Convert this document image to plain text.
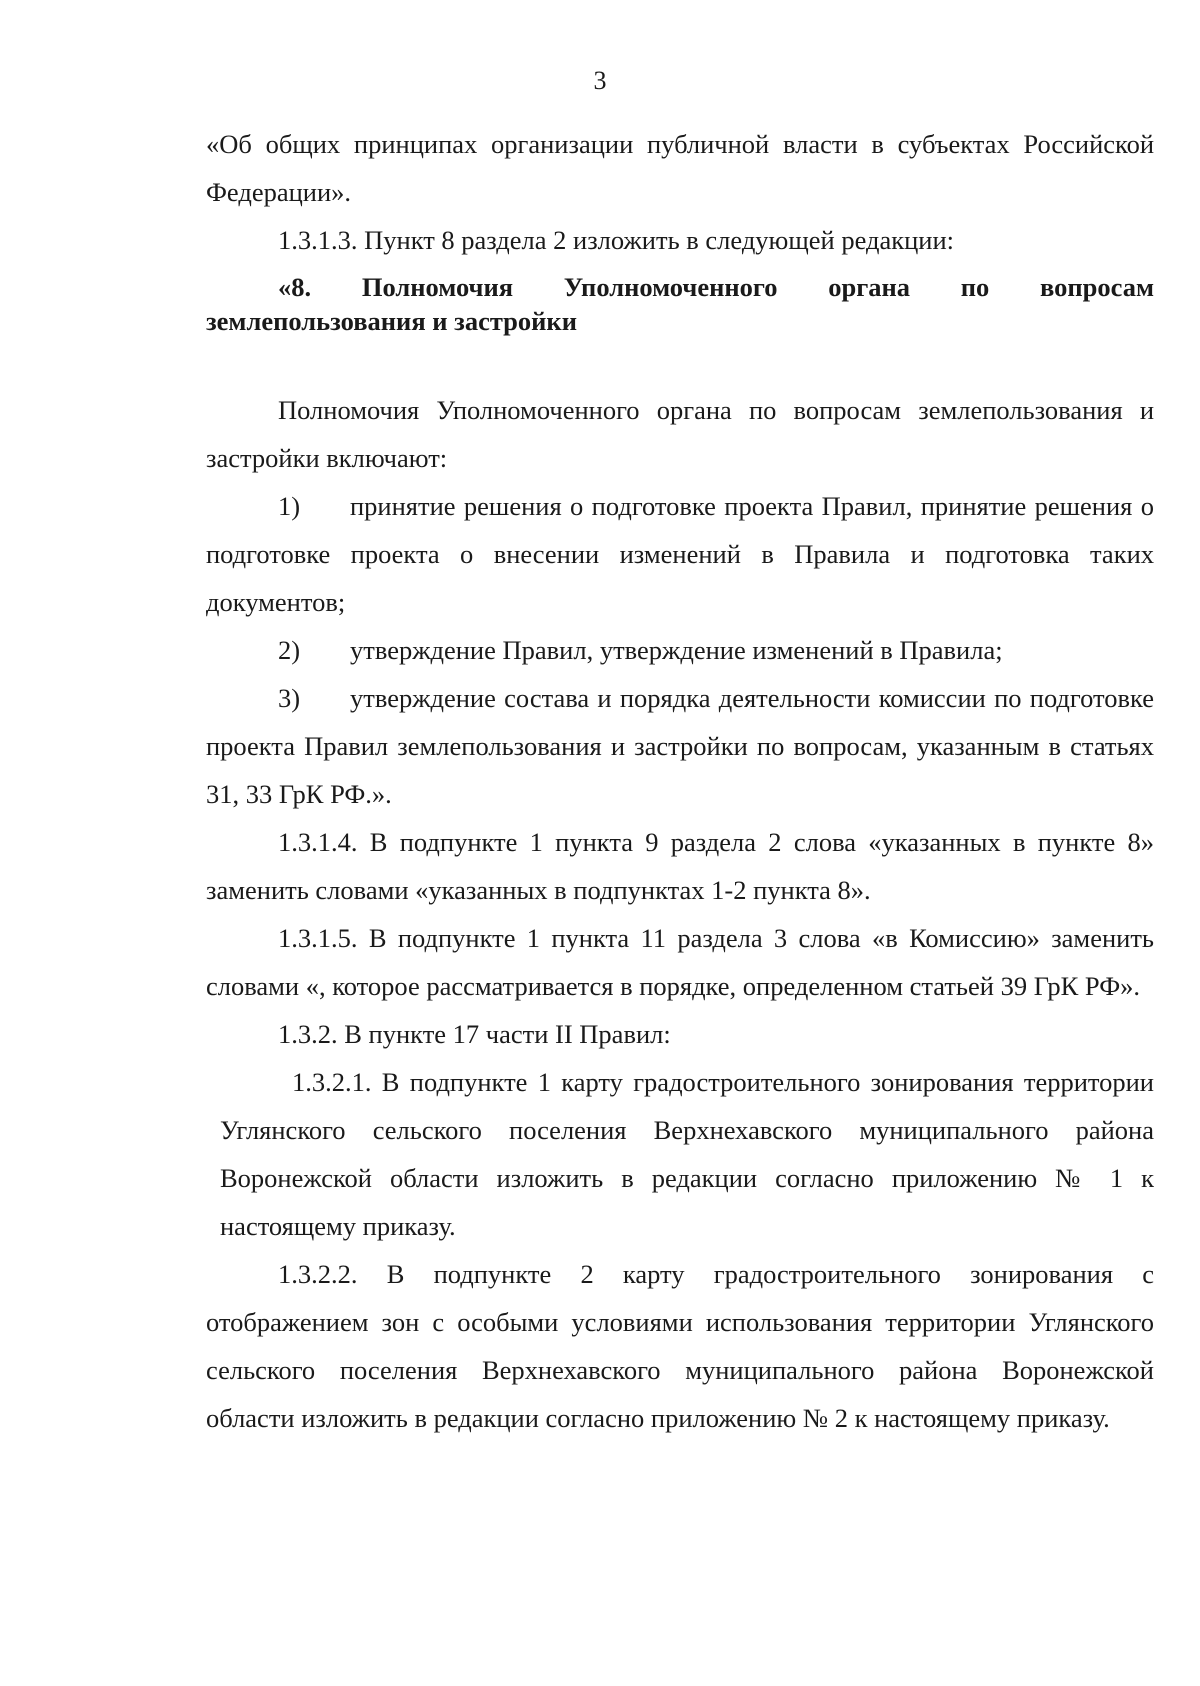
3

«Об общих принципах организации публичной власти в субъектах Российской Федерации».

1.3.1.3. Пункт 8 раздела 2 изложить в следующей редакции:

«8. Полномочия Уполномоченного органа по вопросам землепользования и застройки

Полномочия Уполномоченного органа по вопросам землепользования и застройки включают:

1) принятие решения о подготовке проекта Правил, принятие решения о подготовке проекта о внесении изменений в Правила и подготовка таких документов;

2) утверждение Правил, утверждение изменений в Правила;

3) утверждение состава и порядка деятельности комиссии по подготовке проекта Правил землепользования и застройки по вопросам, указанным в статьях 31, 33 ГрК РФ.».

1.3.1.4. В подпункте 1 пункта 9 раздела 2 слова «указанных в пункте 8» заменить словами «указанных в подпунктах 1-2 пункта 8».

1.3.1.5. В подпункте 1 пункта 11 раздела 3 слова «в Комиссию» заменить словами «, которое рассматривается в порядке, определенном статьей 39 ГрК РФ».

1.3.2. В пункте 17 части II Правил:

1.3.2.1. В подпункте 1 карту градостроительного зонирования территории Углянского сельского поселения Верхнехавского муниципального района Воронежской области изложить в редакции согласно приложению № 1 к настоящему приказу.

1.3.2.2. В подпункте 2 карту градостроительного зонирования с отображением зон с особыми условиями использования территории Углянского сельского поселения Верхнехавского муниципального района Воронежской области изложить в редакции согласно приложению № 2 к настоящему приказу.
